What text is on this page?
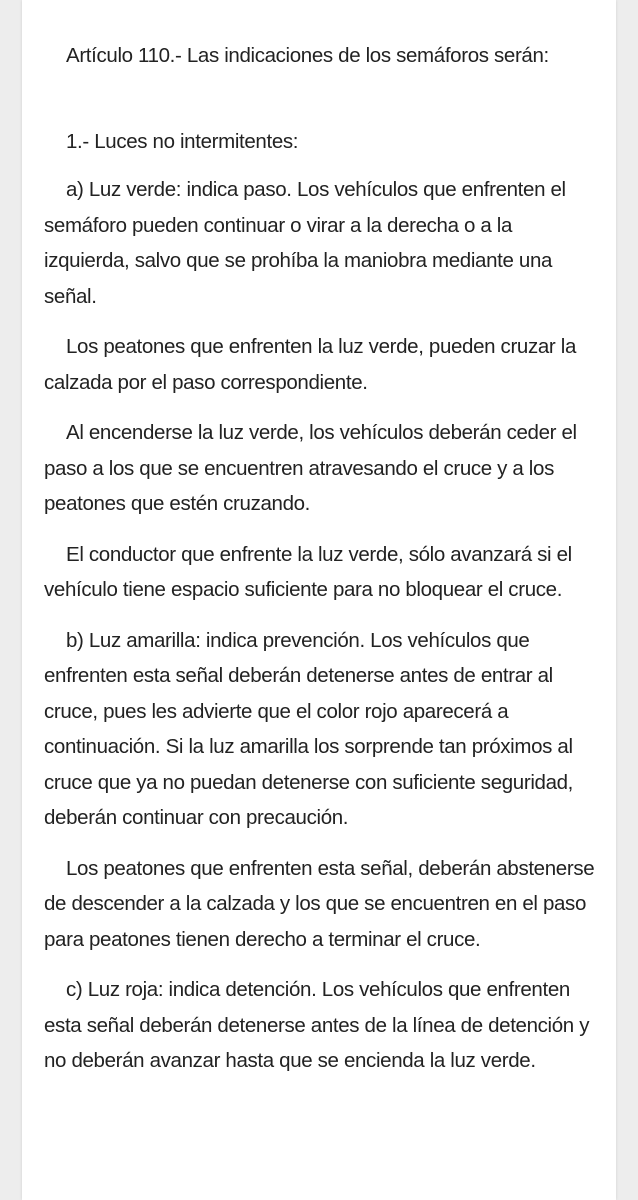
Artículo 110.- Las indicaciones de los semáforos serán:

1.- Luces no intermitentes:

a) Luz verde: indica paso. Los vehículos que enfrenten el semáforo pueden continuar o virar a la derecha o a la izquierda, salvo que se prohíba la maniobra mediante una señal.

Los peatones que enfrenten la luz verde, pueden cruzar la calzada por el paso correspondiente.

Al encenderse la luz verde, los vehículos deberán ceder el paso a los que se encuentren atravesando el cruce y a los peatones que estén cruzando.

El conductor que enfrente la luz verde, sólo avanzará si el vehículo tiene espacio suficiente para no bloquear el cruce.

b) Luz amarilla: indica prevención. Los vehículos que enfrenten esta señal deberán detenerse antes de entrar al cruce, pues les advierte que el color rojo aparecerá a continuación. Si la luz amarilla los sorprende tan próximos al cruce que ya no puedan detenerse con suficiente seguridad, deberán continuar con precaución.

Los peatones que enfrenten esta señal, deberán abstenerse de descender a la calzada y los que se encuentren en el paso para peatones tienen derecho a terminar el cruce.

c) Luz roja: indica detención. Los vehículos que enfrenten esta señal deberán detenerse antes de la línea de detención y no deberán avanzar hasta que se encienda la luz verde.
